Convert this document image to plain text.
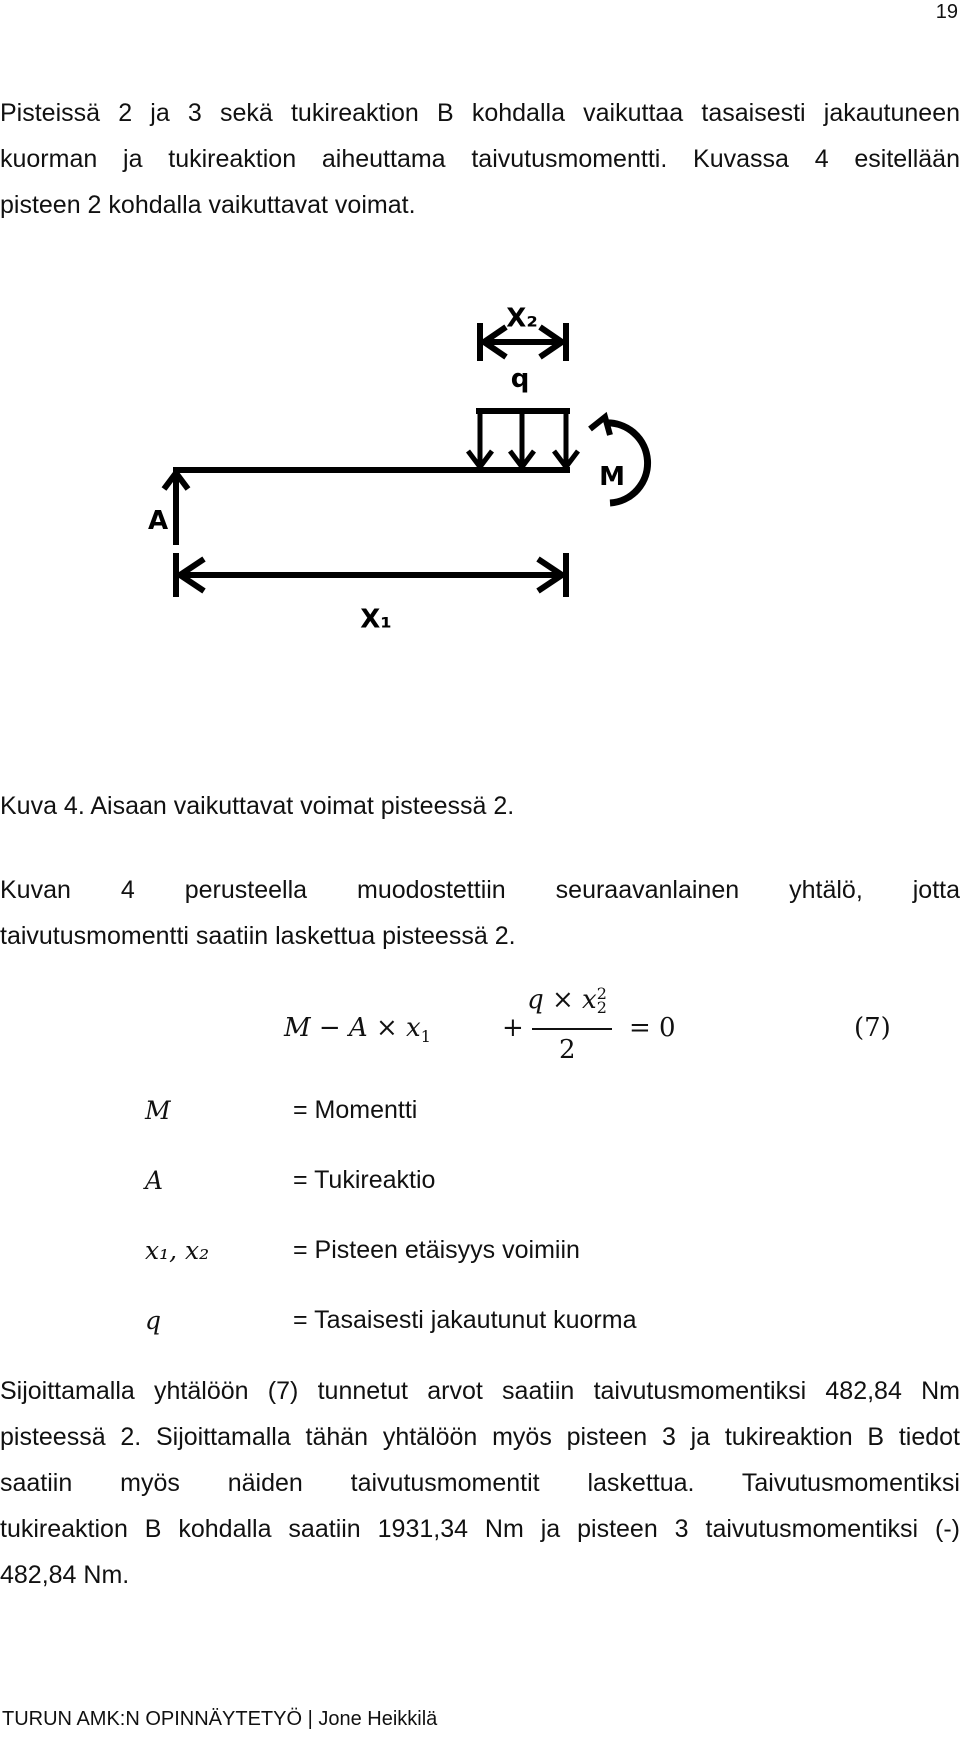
19
Pisteissä 2 ja 3 sekä tukireaktion B kohdalla vaikuttaa tasaisesti jakautuneen
kuorman ja tukireaktion aiheuttama taivutusmomentti. Kuvassa 4 esitellään
pisteen 2 kohdalla vaikuttavat voimat.
X₂
q
M
A
X₁
Kuva 4. Aisaan vaikuttavat voimat pisteessä 2.
Kuvan 4 perusteella muodostettiin seuraavanlainen yhtälö, jotta
taivutusmomentti saatiin laskettua pisteessä 2.
$M - A \times x_1$	+
q × x 2
2
2
= 0	(7)
M	= Momentti
A	= Tukireaktio
x₁, x₂	= Pisteen etäisyys voimiin
q	= Tasaisesti jakautunut kuorma
Sijoittamalla yhtälöön (7) tunnetut arvot saatiin taivutusmomentiksi 482,84 Nm
pisteessä 2. Sijoittamalla tähän yhtälöön myös pisteen 3 ja tukireaktion B tiedot
saatiin myös näiden taivutusmomentit laskettua. Taivutusmomentiksi
tukireaktion B kohdalla saatiin 1931,34 Nm ja pisteen 3 taivutusmomentiksi (-)
482,84 Nm.
TURUN AMK:N OPINNÄYTETYÖ | Jone Heikkilä
